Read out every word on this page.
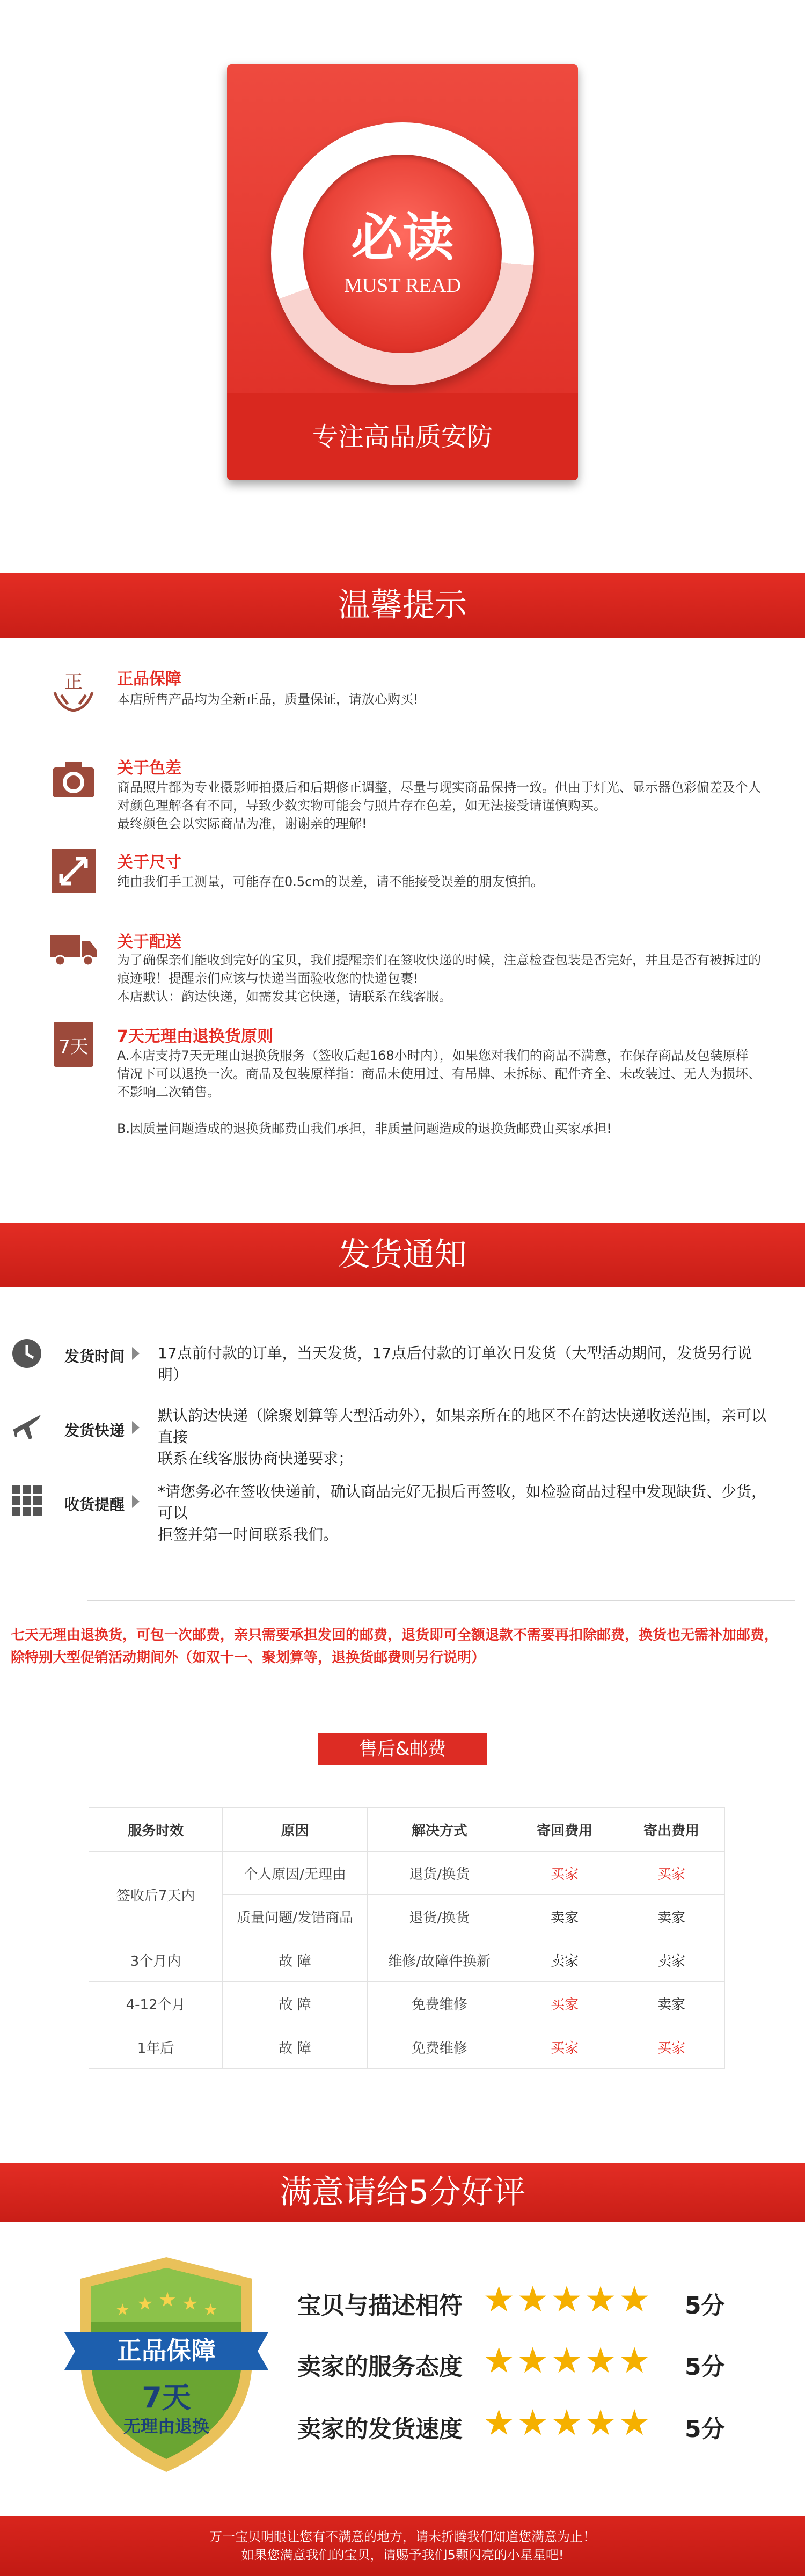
必读
MUST READ
专注高品质安防
温馨提示
正 正品保障
本店所售产品均为全新正品，质量保证，请放心购买!
关于色差
商品照片都为专业摄影师拍摄后和后期修正调整，尽量与现实商品保持一致。但由于灯光、显示器色彩偏差及个人
对颜色理解各有不同，导致少数实物可能会与照片存在色差，如无法接受请谨慎购买。
最终颜色会以实际商品为准，谢谢亲的理解!
关于尺寸
纯由我们手工测量，可能存在0.5cm的误差，请不能接受误差的朋友慎拍。
关于配送
为了确保亲们能收到完好的宝贝，我们提醒亲们在签收快递的时候，注意检查包装是否完好，并且是否有被拆过的
痕迹哦！提醒亲们应该与快递当面验收您的快递包裹!
本店默认：韵达快递，如需发其它快递，请联系在线客服。
7天 7天无理由退换货原则
A.本店支持7天无理由退换货服务（签收后起168小时内），如果您对我们的商品不满意，在保存商品及包装原样
情况下可以退换一次。商品及包装原样指：商品未使用过、有吊牌、未拆标、配件齐全、未改装过、无人为损坏、
不影响二次销售。
B.因质量问题造成的退换货邮费由我们承担，非质量问题造成的退换货邮费由买家承担!
发货通知
发货时间 17点前付款的订单，当天发货，17点后付款的订单次日发货（大型活动期间，发货另行说明）
发货快递
默认韵达快递（除聚划算等大型活动外），如果亲所在的地区不在韵达快递收送范围，亲可以直接
联系在线客服协商快递要求；
收货提醒
*请您务必在签收快递前，确认商品完好无损后再签收，如检验商品过程中发现缺货、少货，可以
拒签并第一时间联系我们。
七天无理由退换货，可包一次邮费，亲只需要承担发回的邮费，退货即可全额退款不需要再扣除邮费，换货也无需补加邮费，
除特别大型促销活动期间外（如双十一、聚划算等，退换货邮费则另行说明）
售后&邮费
服务时效	原因	解决方式	寄回费用	寄出费用
签收后7天内	个人原因/无理由	退货/换货	买家	买家
	质量问题/发错商品	退货/换货	卖家	卖家
3个月内	故 障	维修/故障件换新	卖家	卖家
4-12个月	故 障	免费维修	买家	卖家
1年后	故 障	免费维修	买家	买家
满意请给5分好评
★ ★ ★ ★ ★
正品保障
7天
无理由退换
宝贝与描述相符 ★★★★★ 5分
卖家的服务态度 ★★★★★ 5分
卖家的发货速度 ★★★★★ 5分

万一宝贝明眼让您有不满意的地方，请未折腾我们知道您满意为止！

如果您满意我们的宝贝，请赐予我们5颗闪亮的小星星吧!
